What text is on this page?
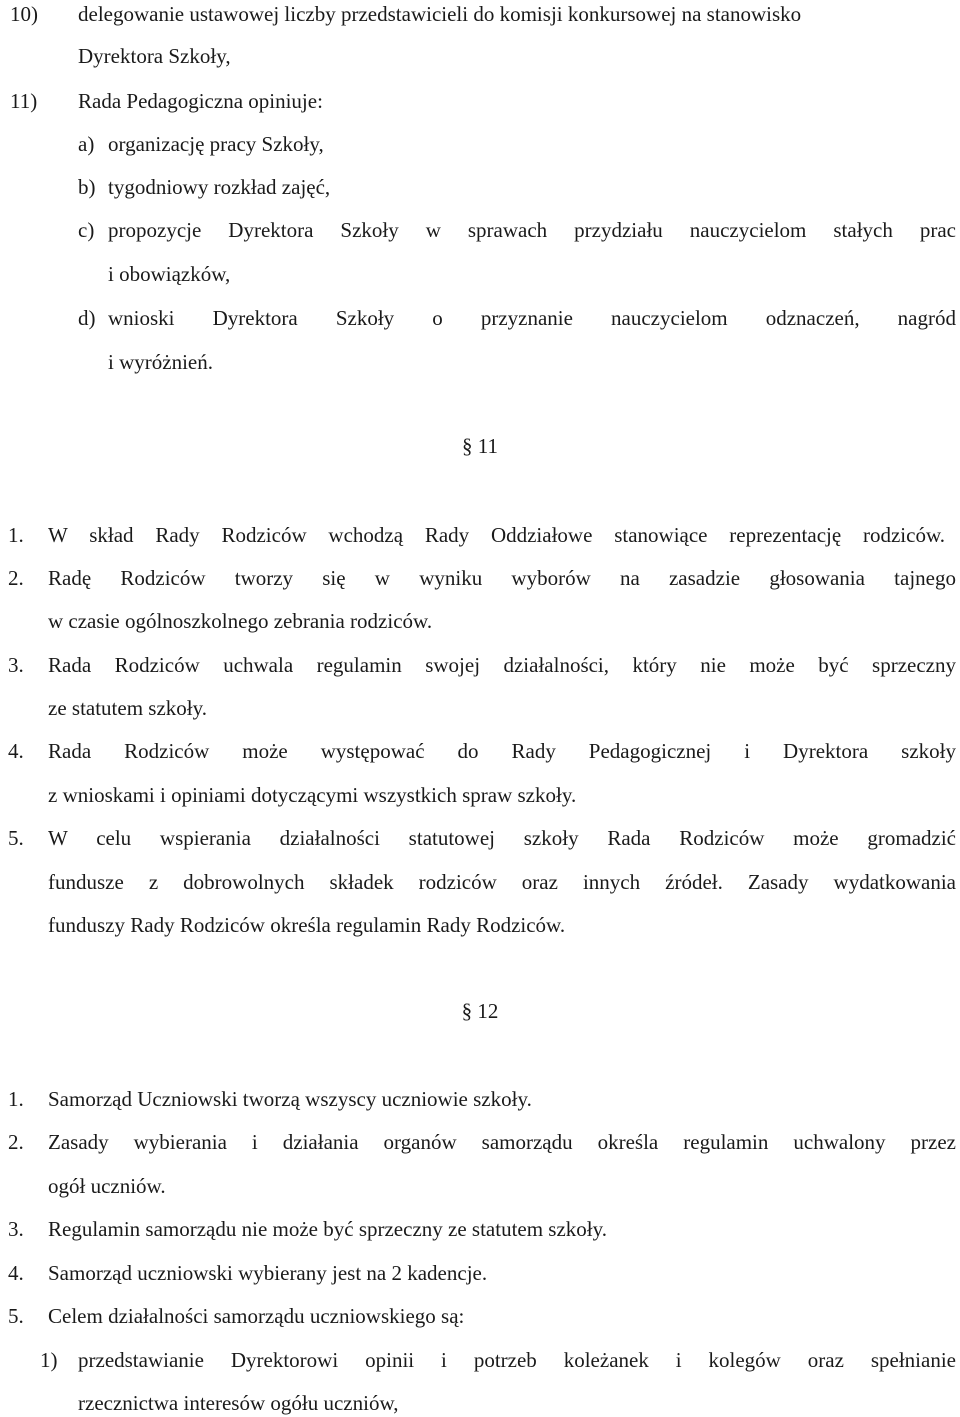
10) delegowanie ustawowej liczby przedstawicieli do komisji konkursowej na stanowisko
Dyrektora Szkoły,
11) Rada Pedagogiczna opiniuje:
a) organizację pracy Szkoły,
b) tygodniowy rozkład zajęć,
c) propozycje Dyrektora Szkoły w sprawach przydziału nauczycielom stałych prac
i obowiązków,
d) wnioski Dyrektora Szkoły o przyznanie nauczycielom odznaczeń, nagród
i wyróżnień.
§ 11
1. W skład Rady Rodziców wchodzą Rady Oddziałowe stanowiące reprezentację rodziców.
2. Radę Rodziców tworzy się w wyniku wyborów na zasadzie głosowania tajnego
w czasie ogólnoszkolnego zebrania rodziców.
3. Rada Rodziców uchwala regulamin swojej działalności, który nie może być sprzeczny
ze statutem szkoły.
4. Rada Rodziców może występować do Rady Pedagogicznej i Dyrektora szkoły
z wnioskami i opiniami dotyczącymi wszystkich spraw szkoły.
5. W celu wspierania działalności statutowej szkoły Rada Rodziców może gromadzić
fundusze z dobrowolnych składek rodziców oraz innych źródeł. Zasady wydatkowania
funduszy Rady Rodziców określa regulamin Rady Rodziców.
§ 12
1. Samorząd Uczniowski tworzą wszyscy uczniowie szkoły.
2. Zasady wybierania i działania organów samorządu określa regulamin uchwalony przez
ogół uczniów.
3. Regulamin samorządu nie może być sprzeczny ze statutem szkoły.
4. Samorząd uczniowski wybierany jest na 2 kadencje.
5. Celem działalności samorządu uczniowskiego są:
1) przedstawianie Dyrektorowi opinii i potrzeb koleżanek i kolegów oraz spełnianie
rzecznictwa interesów ogółu uczniów,
